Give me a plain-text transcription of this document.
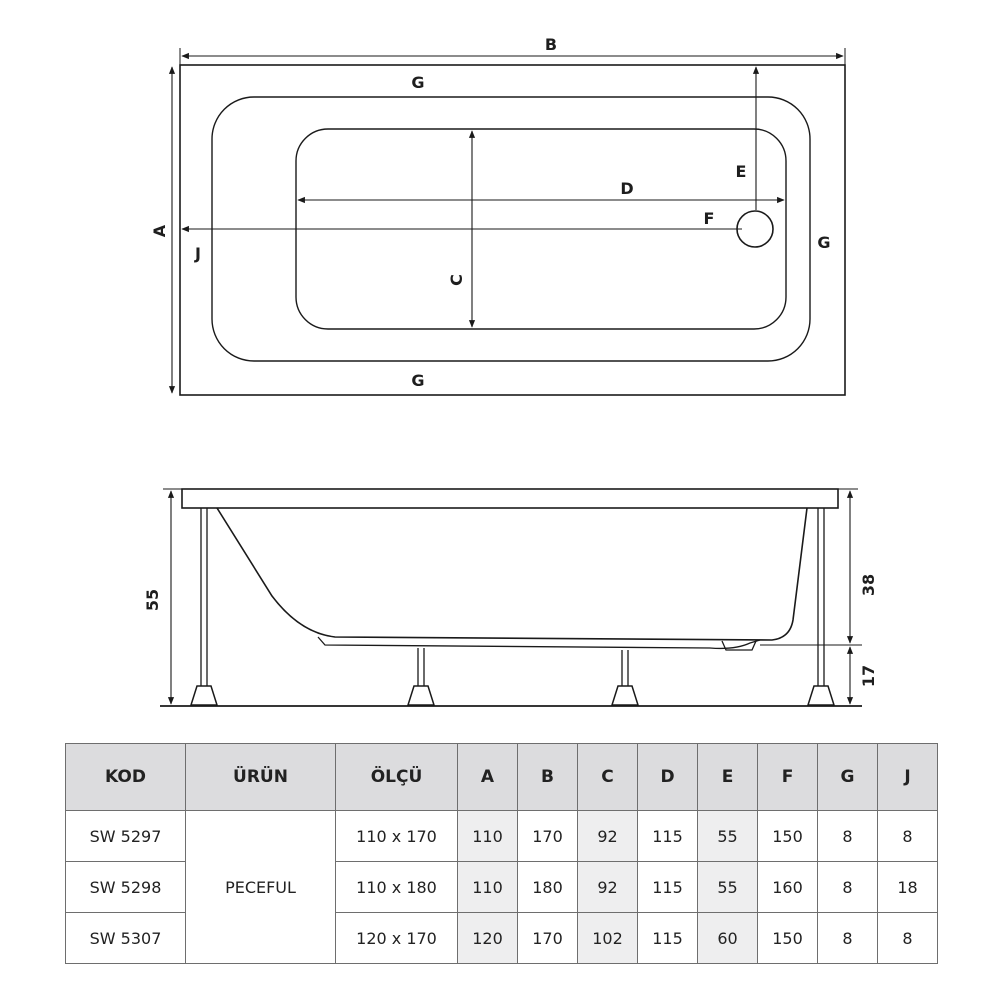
B
G
G
G
A
J
D
E
F
C
55
38
17
KOD	ÜRÜN	ÖLÇÜ	A	B	C	D	E	F	G	J
SW 5297	PECEFUL	110 x 170	110	170	92	115	55	150	8	8
SW 5298		110 x 180	110	180	92	115	55	160	8	18
SW 5307		120 x 170	120	170	102	115	60	150	8	8
